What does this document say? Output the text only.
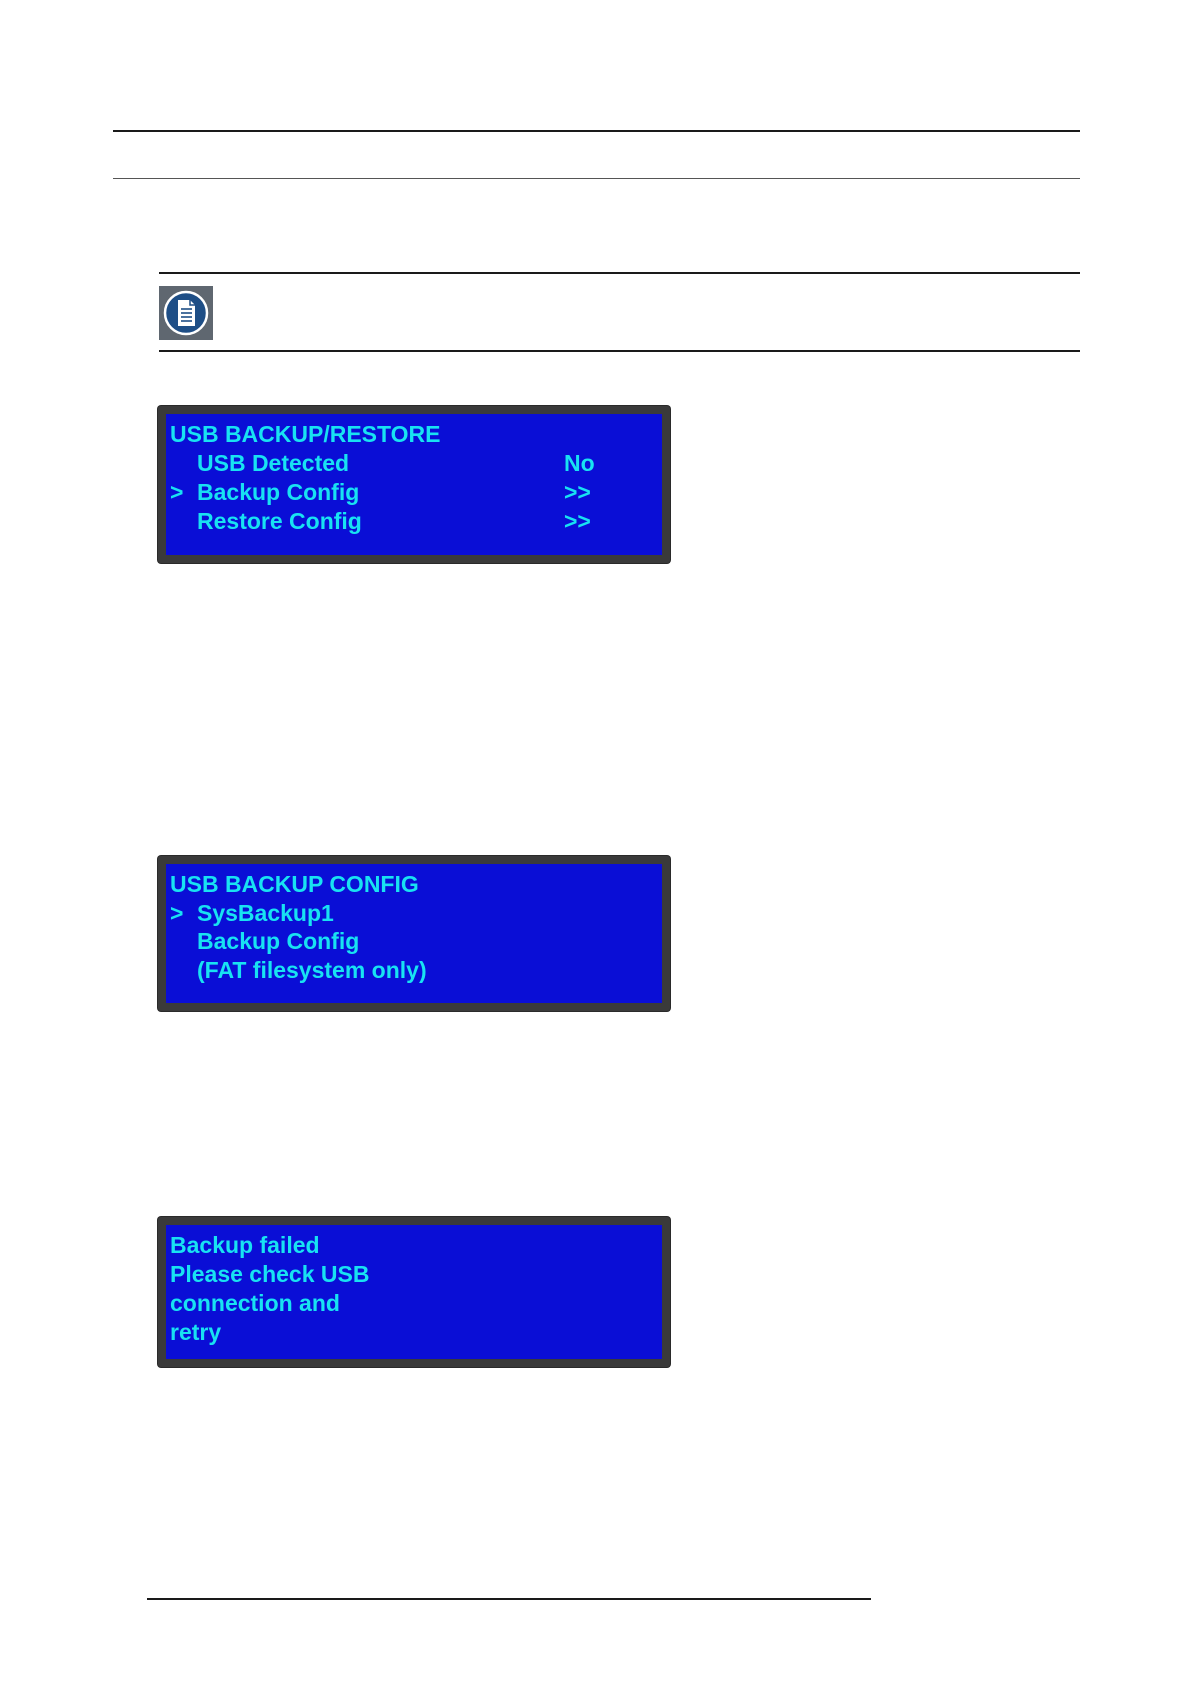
USB BACKUP/RESTORE
USB Detected	No
> Backup Config	>>
Restore Config	>>
USB BACKUP CONFIG
> SysBackup1
Backup Config
(FAT filesystem only)
Backup failed
Please check USB
connection and
retry
